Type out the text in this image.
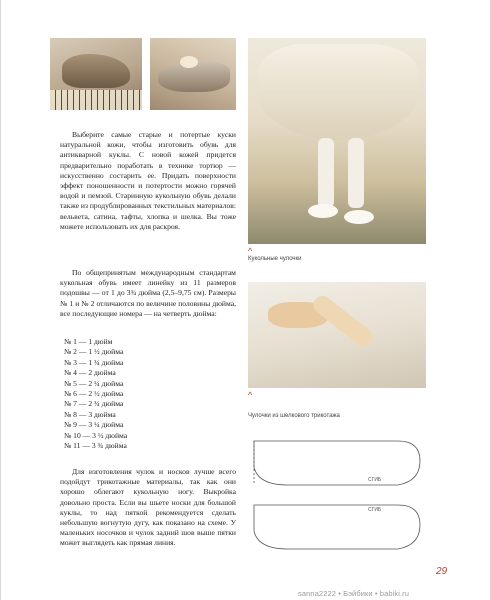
^
Кукольные чулочки
^
Чулочки из шелкового трикотажа
СГИБ
СГИБ

Выберите самые старые и потертые куски натуральной кожи, чтобы изготовить обувь для антикварной куклы. С новой кожей придется предварительно поработать в технике тортюр — искусственно состарить ее. Придать поверхности эффект поношенности и потертости можно горячей водой и пемзой. Старинную кукольную обувь делали также из продублированных текстильных материалов: вельвета, сатина, тафты, хлопка и шелка. Вы тоже можете использовать их для раскроя.

По общепринятым международным стандартам кукольная обувь имеет линейку из 11 размеров подошвы — от 1 до 3¾ дюйма (2,5–9,75 см). Размеры № 1 и № 2 отличаются по величине половины дюйма, все последующие номера — на четверть дюйма:

№ 1 — 1 дюйм
№ 2 — 1 ½ дюйма
№ 3 — 1 ¾ дюйма
№ 4 — 2 дюйма
№ 5 — 2 ¼ дюйма
№ 6 — 2 ½ дюйма
№ 7 — 2 ¾ дюйма
№ 8 — 3 дюйма
№ 9 — 3 ¼ дюйма
№ 10 — 3 ½ дюйма
№ 11 — 3 ¾ дюйма

Для изготовления чулок и носков лучше всего подойдут трикотажные материалы, так как они хорошо облегают кукольную ногу. Выкройка довольно проста. Если вы шьете носки для большой куклы, то над пяткой рекомендуется сделать небольшую вогнутую дугу, как показано на схеме. У маленьких носочков и чулок задний шов выше пятки может выглядеть как прямая линия.

29
sanna2222 • Бэйбики • babiki.ru
